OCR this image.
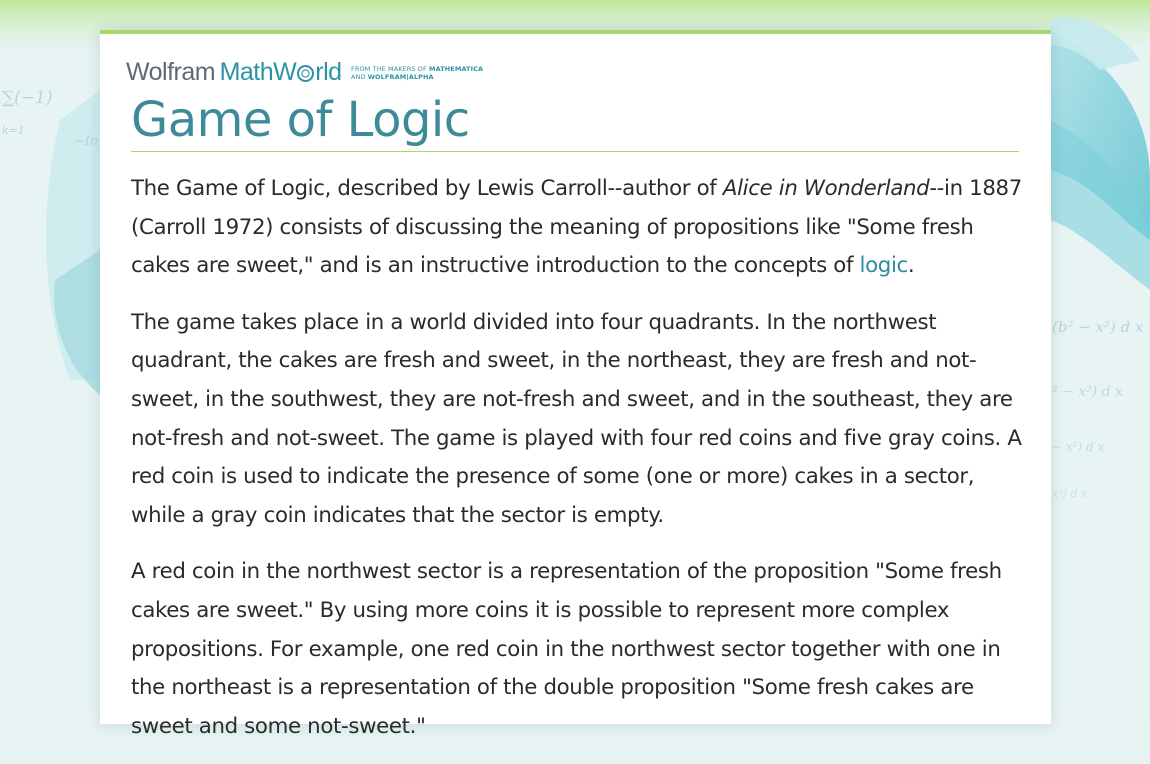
∑(−1)
k=1
−In
(b² − x²) d x
² − x²) d x
− x²) d x
x²) d x
Wolfram MathW rld FROM THE MAKERS OF MATHEMATICA
AND WOLFRAM|ALPHA
Game of Logic

The Game of Logic, described by Lewis Carroll--author of Alice in Wonderland--in 1887 (Carroll 1972) consists of discussing the meaning of propositions like "Some fresh cakes are sweet," and is an instructive introduction to the concepts of logic.

The game takes place in a world divided into four quadrants. In the northwest quadrant, the cakes are fresh and sweet, in the northeast, they are fresh and not-sweet, in the southwest, they are not-fresh and sweet, and in the southeast, they are not-fresh and not-sweet. The game is played with four red coins and five gray coins. A red coin is used to indicate the presence of some (one or more) cakes in a sector, while a gray coin indicates that the sector is empty.

A red coin in the northwest sector is a representation of the proposition "Some fresh cakes are sweet." By using more coins it is possible to represent more complex propositions. For example, one red coin in the northwest sector together with one in the northeast is a representation of the double proposition "Some fresh cakes are sweet and some not-sweet."
